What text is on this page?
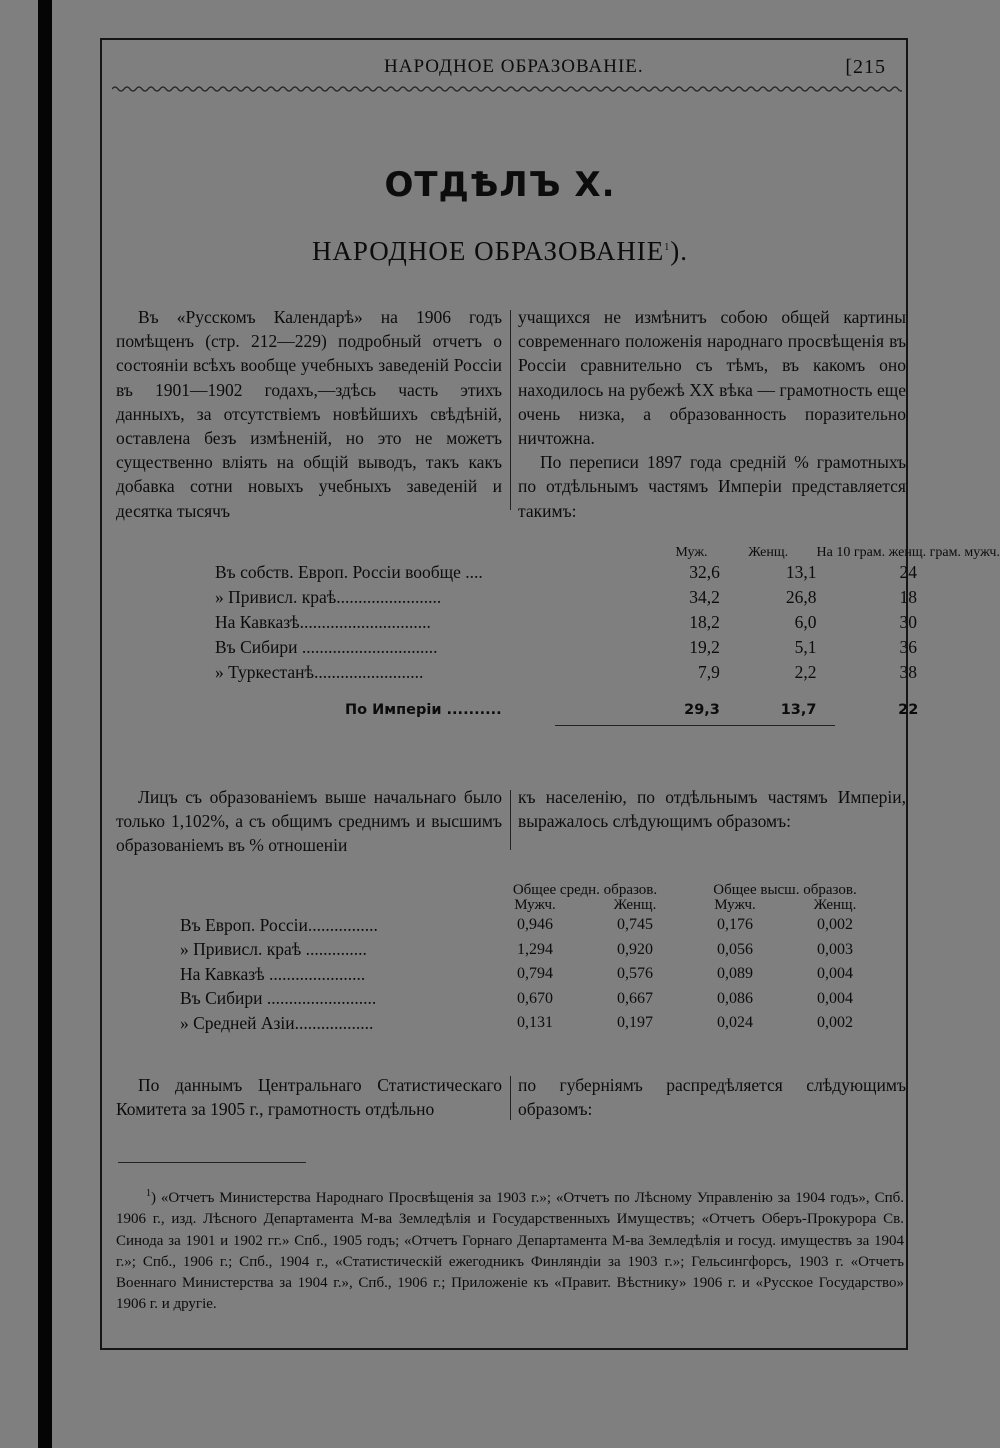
НАРОДНОЕ ОБРАЗОВАНІЕ.	[215
ОТДѢЛЪ X.
НАРОДНОЕ ОБРАЗОВАНІЕ$^1$).

Въ «Русскомъ Календарѣ» на 1906 годъ помѣщенъ (стр. 212—229) подробный отчетъ о состояніи всѣхъ вообще учебныхъ заведеній Россіи въ 1901—1902 годахъ,—здѣсь часть этихъ данныхъ, за отсутствіемъ новѣйшихъ свѣдѣній, оставлена безъ измѣненій, но это не можетъ существенно вліять на общій выводъ, такъ какъ добавка сотни новыхъ учебныхъ заведеній и десятка тысячъ

учащихся не измѣнитъ собою общей картины современнаго положенія народнаго просвѣщенія въ Россіи сравнительно съ тѣмъ, въ какомъ оно находилось на рубежѣ XX вѣка — грамотность еще очень низка, а образованность поразительно ничтожна.

По переписи 1897 года средній % грамотныхъ по отдѣльнымъ частямъ Имперіи представляется такимъ:

	Муж.	Женщ.	На 10 грам. женщ. грам. мужч.
Въ собств. Европ. Россіи вообще ....	32,6	13,1	24
» Привисл. краѣ........................	34,2	26,8	18
На Кавказѣ..............................	18,2	6,0	30
Въ Сибири ...............................	19,2	5,1	36
» Туркестанѣ.........................	7,9	2,2	38

По Имперіи ..........	29,3	13,7	22

Лицъ съ образованіемъ выше начальнаго было только 1,102%, а съ общимъ среднимъ и высшимъ образованіемъ въ % отношеніи

къ населенію, по отдѣльнымъ частямъ Имперіи, выражалось слѣдующимъ образомъ:

	Общее средн. образов.		Общее высш. образов.	
	Мужч.	Женщ.	Мужч.	Женщ.
Въ Европ. Россіи................	0,946	0,745	0,176	0,002
» Привисл. краѣ ..............	1,294	0,920	0,056	0,003
На Кавказѣ ......................	0,794	0,576	0,089	0,004
Въ Сибири .........................	0,670	0,667	0,086	0,004
» Средней Азіи..................	0,131	0,197	0,024	0,002

По даннымъ Центральнаго Статистическаго Комитета за 1905 г., грамотность отдѣльно

по губерніямъ распредѣляется слѣдующимъ образомъ:

$^1$) «Отчетъ Министерства Народнаго Просвѣщенія за 1903 г.»; «Отчетъ по Лѣсному Управленію за 1904 годъ», Спб. 1906 г., изд. Лѣсного Департамента М-ва Земледѣлія и Государственныхъ Имуществъ; «Отчетъ Оберъ-Прокурора Св. Синода за 1901 и 1902 гг.» Спб., 1905 годъ; «Отчетъ Горнаго Департамента М-ва Земледѣлія и госуд. имуществъ за 1904 г.»; Спб., 1906 г.; Спб., 1904 г., «Статистическій ежегодникъ Финляндіи за 1903 г.»; Гельсингфорсъ, 1903 г. «Отчетъ Военнаго Министерства за 1904 г.», Спб., 1906 г.; Приложеніе къ «Правит. Вѣстнику» 1906 г. и «Русское Государство» 1906 г. и другіе.
